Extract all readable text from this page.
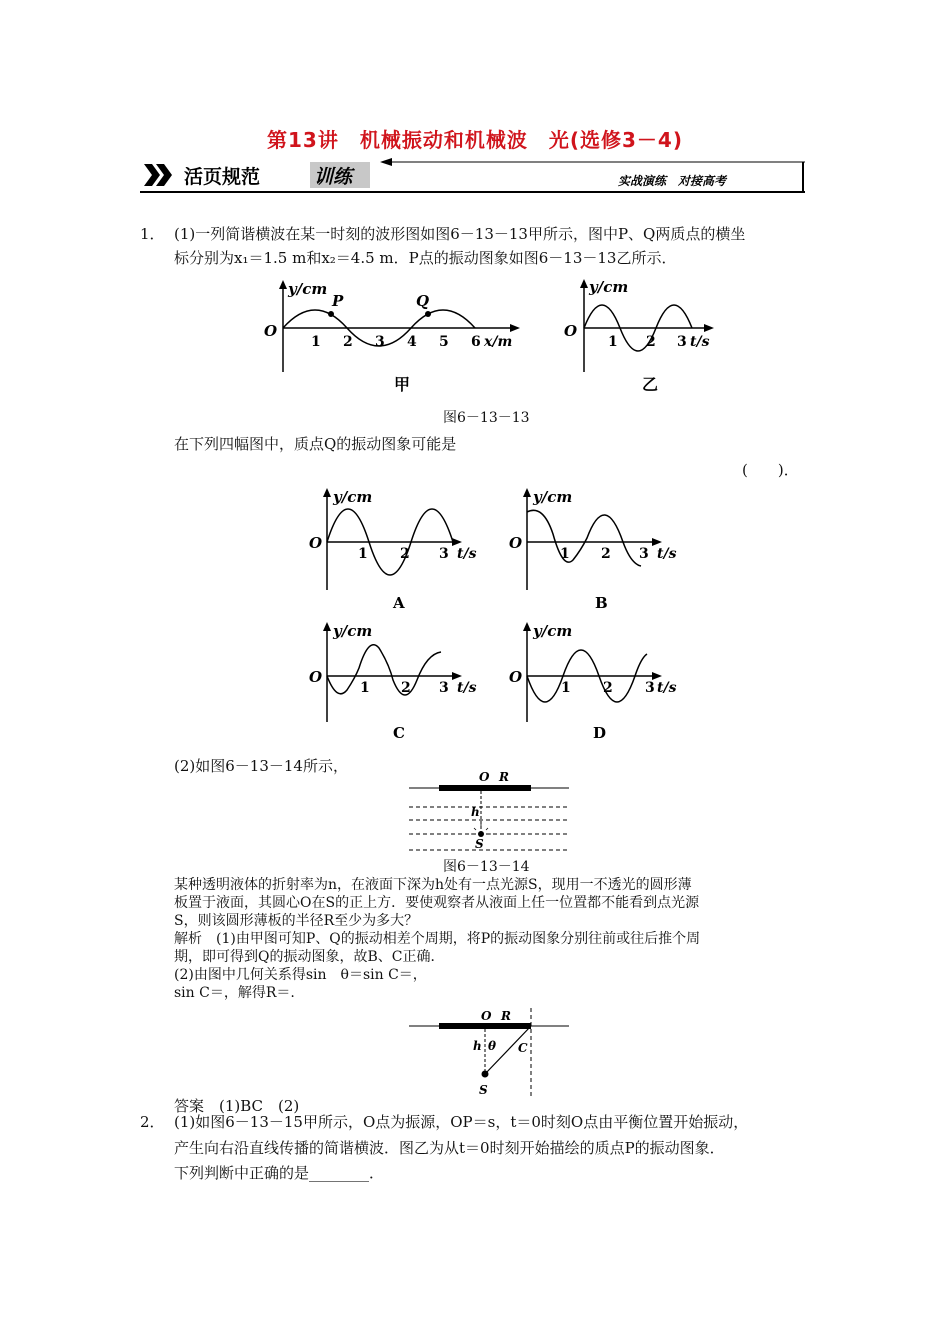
第13讲　机械振动和机械波　光(选修3－4)
活页规范	训练	实战演练　对接高考
1． (1)一列简谐横波在某一时刻的波形图如图6－13－13甲所示，图中P、Q两质点的横坐
标分别为x₁＝1.5 m和x₂＝4.5 m．P点的振动图象如图6－13－13乙所示．
y/cm
O
P	Q
1 2 3 4 5 6 x/m
甲
y/cm
O
1 2 3 t/s
乙
图6－13－13
在下列四幅图中，质点Q的振动图象可能是
(　　)．
y/cm
O
1 2 3 t/s
A
y/cm
O
1 2 3 t/s
B
y/cm
O
1 2 3 t/s
C
y/cm
O
1 2 3 t/s
D
(2)如图6－13－14所示，
O R
h
S
图6－13－14
某种透明液体的折射率为n，在液面下深为h处有一点光源S，现用一不透光的圆形薄
板置于液面，其圆心O在S的正上方．要使观察者从液面上任一位置都不能看到点光源
S，则该圆形薄板的半径R至少为多大？
解析　(1)由甲图可知P、Q的振动相差个周期，将P的振动图象分别往前或往后推个周
期，即可得到Q的振动图象，故B、C正确．
(2)由图中几何关系得sin　θ＝sin C＝，
sin C＝，解得R＝.
O R
h θ C
S
答案　(1)BC　(2)
2． (1)如图6－13－15甲所示，O点为振源，OP＝s，t＝0时刻O点由平衡位置开始振动，
产生向右沿直线传播的简谐横波．图乙为从t＝0时刻开始描绘的质点P的振动图象．
下列判断中正确的是________．
